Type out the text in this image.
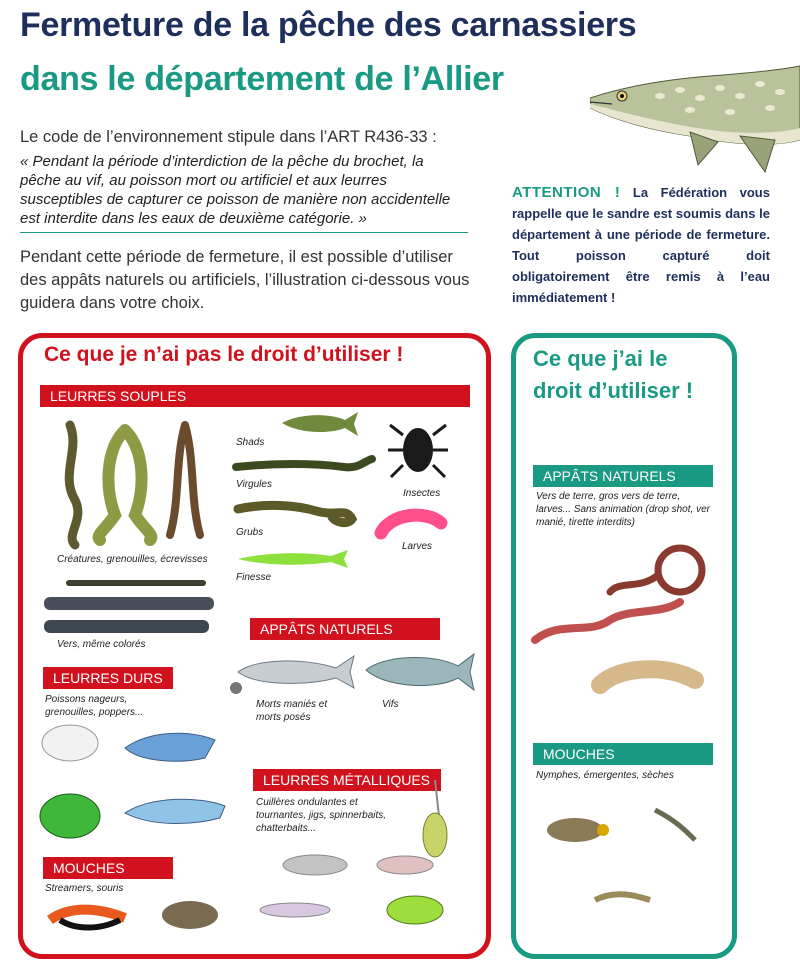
Fermeture de la pêche des carnassiers
dans le département de l’Allier
Le code de l’environnement stipule dans l’ART R436-33 :
« Pendant la période d’interdiction de la pêche du brochet, la pêche au vif, au poisson mort ou artificiel et aux leurres susceptibles de capturer ce poisson de manière non accidentelle est interdite dans les eaux de deuxième catégorie. »
Pendant cette période de fermeture, il est possible d’utiliser des appâts naturels ou artificiels, l’illustration ci-dessous vous guidera dans votre choix.
ATTENTION ! La Fédération vous rappelle que le sandre est soumis dans le département à une période de fermeture. Tout poisson capturé doit obligatoirement être remis à l’eau immédiatement !
Ce que je n’ai pas le droit d’utiliser !	Ce que j’ai le droit d’utiliser !
LEURRES SOUPLES
APPÂTS NATURELS
LEURRES DURS
LEURRES MÉTALLIQUES
MOUCHES
APPÂTS NATURELS
MOUCHES
Créatures, grenouilles, écrevisses
Shads
Virgules
Grubs
Finesse
Insectes
Larves
Vers, même colorés
Morts maniés et morts posés
Vifs
Poissons nageurs, grenouilles, poppers...
Cuillères ondulantes et tournantes, jigs, spinnerbaits, chatterbaits...
Streamers, souris
Vers de terre, gros vers de terre, larves... Sans animation (drop shot, ver manié, tirette interdits)
Nymphes, émergentes, sèches
